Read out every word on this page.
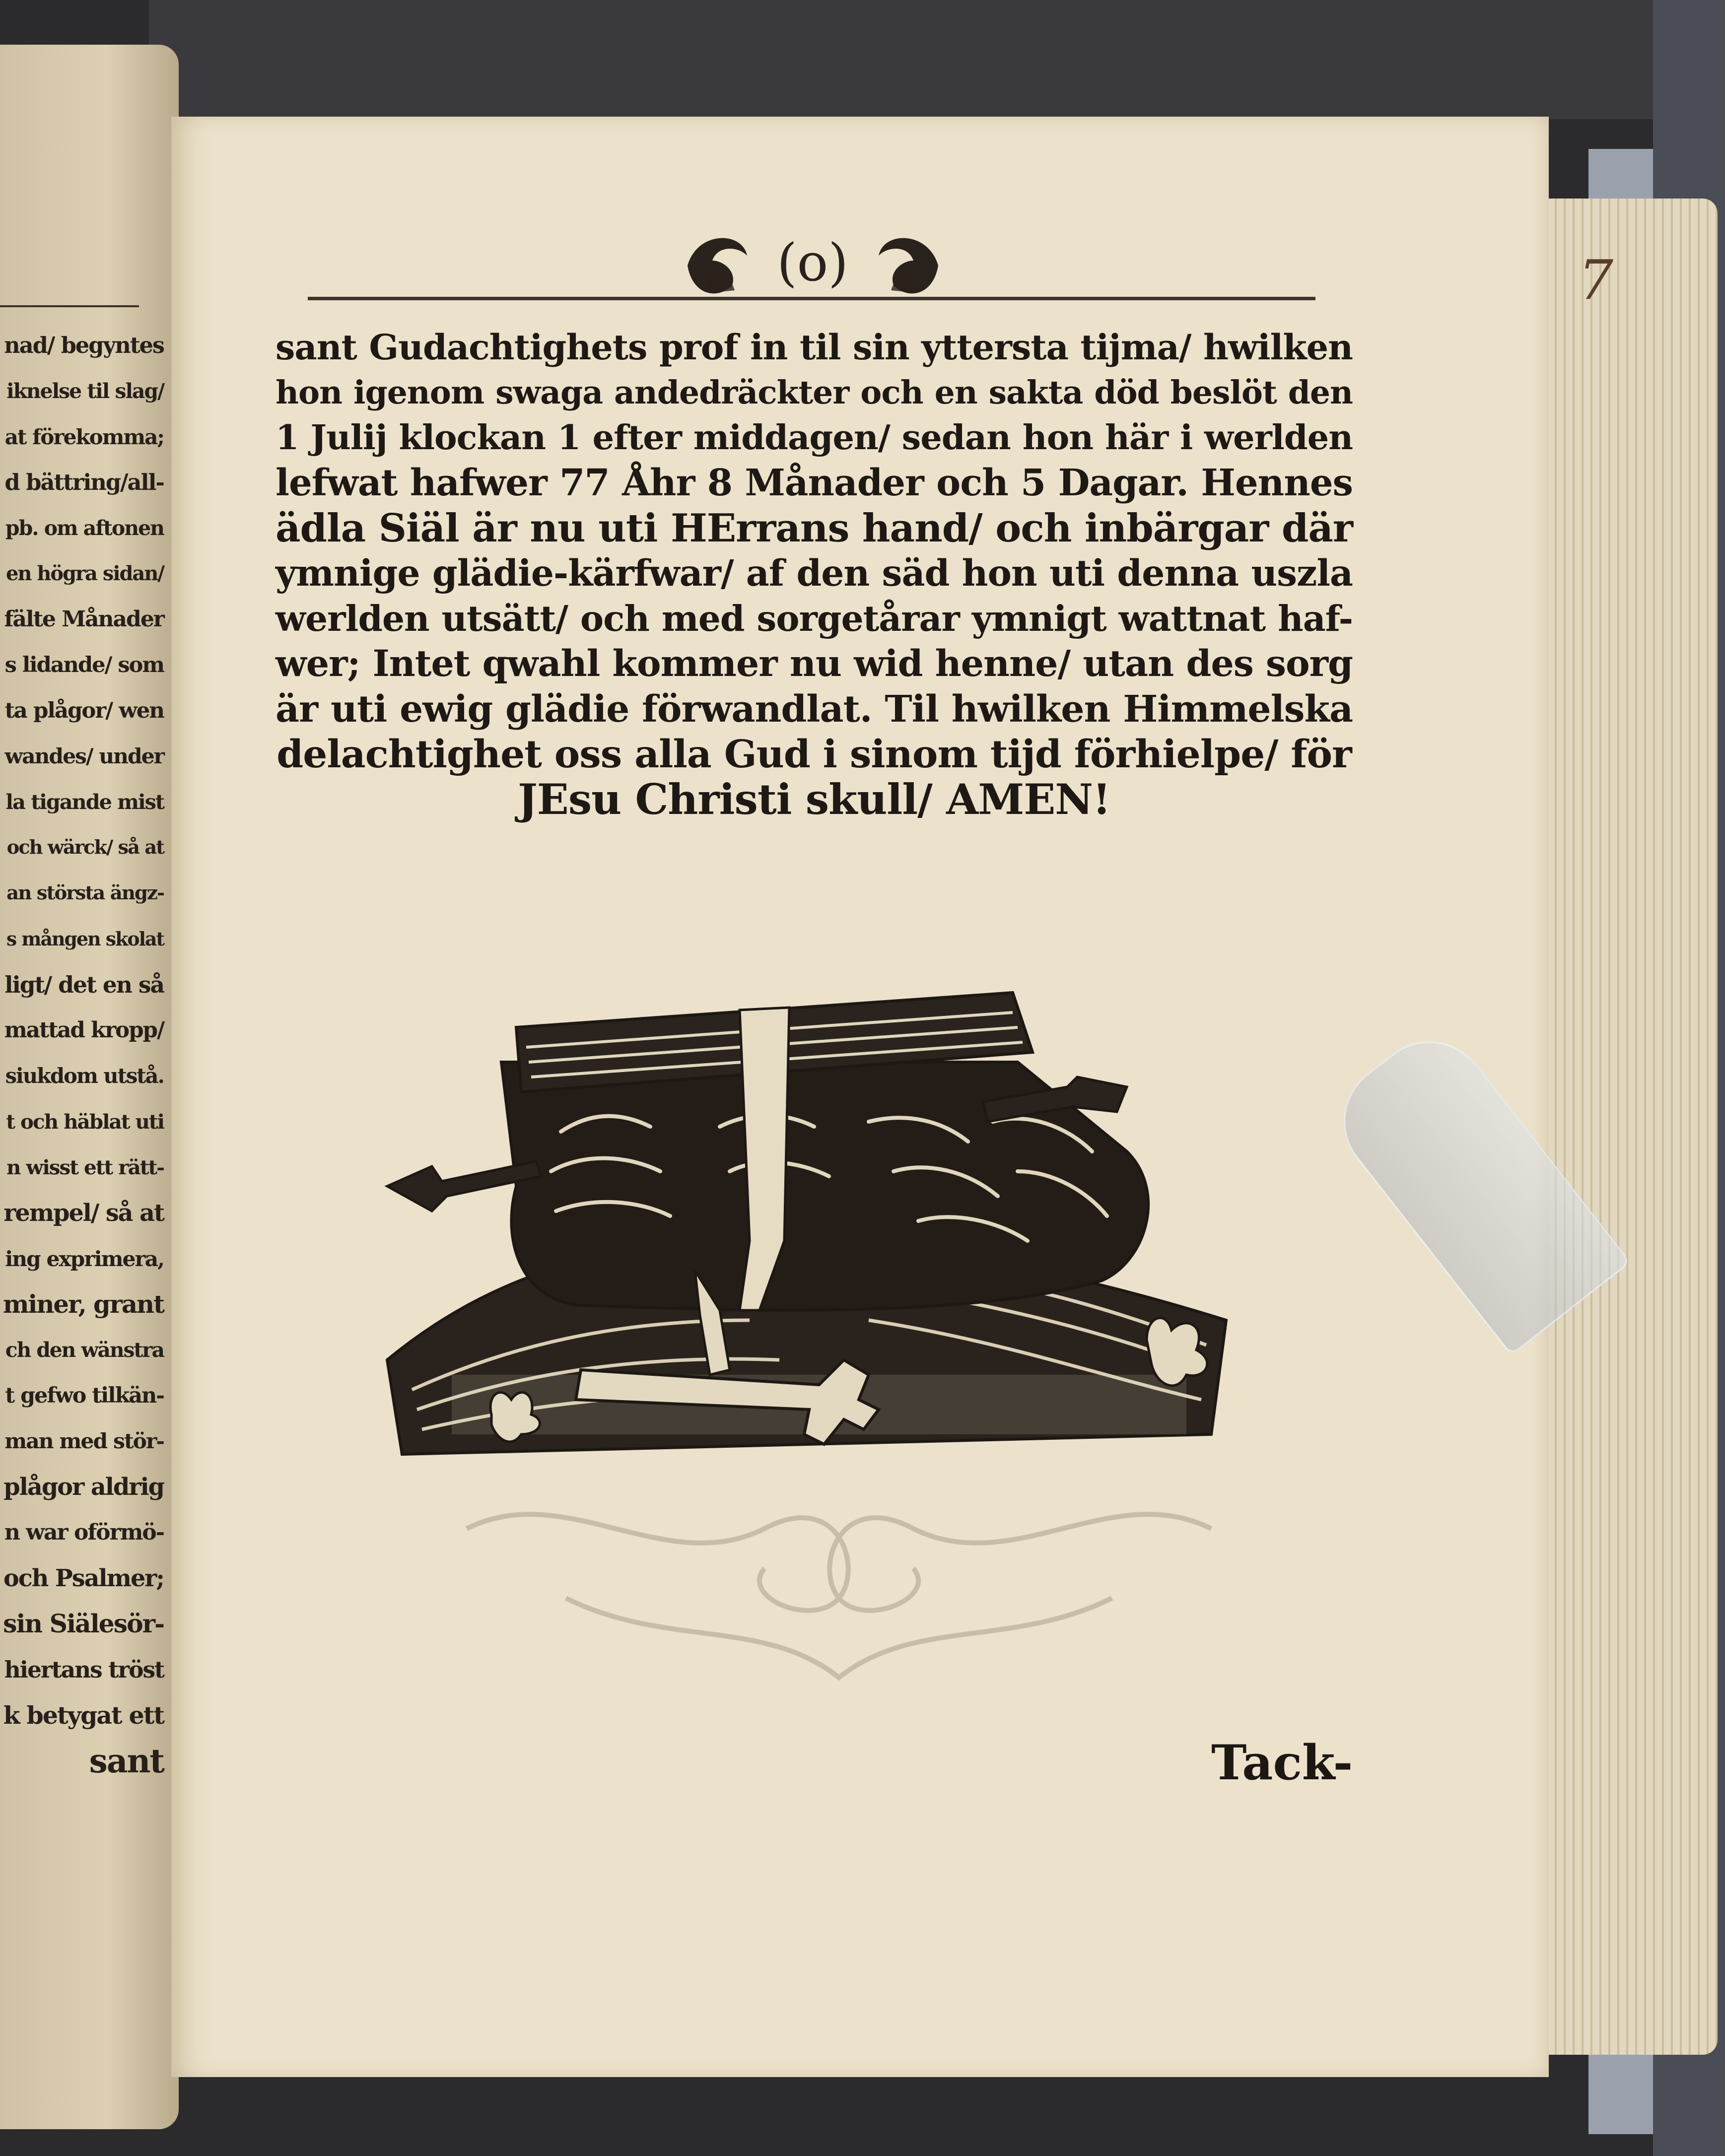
7
nad/ begyntes
iknelse til slag/
at förekomma;
d bättring/all-
pb. om aftonen
en högra sidan/
fälte Månader
s lidande/ som
ta plågor/ wen
wandes/ under
la tigande mist
och wärck/ så at
an största ängz-
s mången skolat
ligt/ det en så
mattad kropp/
siukdom utstå.
t och häblat uti
n wisst ett rätt-
rempel/ så at
ing exprimera,
miner, grant
ch den wänstra
t gefwo tilkän-
man med stör-
plågor aldrig
n war oförmö-
och Psalmer;
sin Siälesör-
hiertans tröst
k betygat ett
sant
(o)
sant Gudachtighets prof in til sin yttersta tijma/ hwilken
hon igenom swaga andedräckter och en sakta död beslöt den
1 Julij klockan 1 efter middagen/ sedan hon här i werlden
lefwat hafwer 77 Åhr 8 Månader och 5 Dagar. Hennes
ädla Siäl är nu uti HErrans hand/ och inbärgar där
ymnige glädie-kärfwar/ af den säd hon uti denna uszla
werlden utsätt/ och med sorgetårar ymnigt wattnat haf-
wer; Intet qwahl kommer nu wid henne/ utan des sorg
är uti ewig glädie förwandlat. Til hwilken Himmelska
delachtighet oss alla Gud i sinom tijd förhielpe/ för
JEsu Christi skull/ AMEN!
Tack-
